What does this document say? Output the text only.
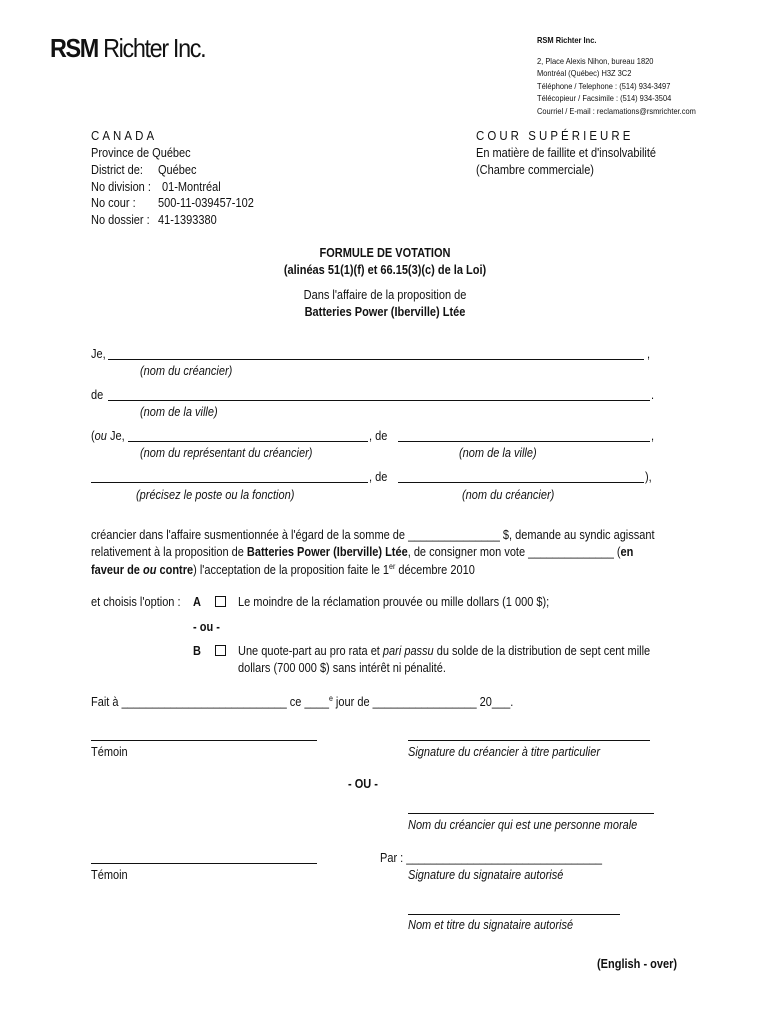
RSM Richter Inc.	RSM Richter Inc.
2, Place Alexis Nihon, bureau 1820
Montréal (Québec) H3Z 3C2
Téléphone / Telephone : (514) 934-3497
Télécopieur / Facsimile : (514) 934-3504
Courriel / E-mail : reclamations@rsmrichter.com
CANADA
Province de Québec
District de: Québec
No division : 01-Montréal
No cour : 500-11-039457-102
No dossier : 41-1393380
COUR SUPÉRIEURE
En matière de faillite et d'insolvabilité
(Chambre commerciale)
FORMULE DE VOTATION
(alinéas 51(1)(f) et 66.15(3)(c) de la Loi)
Dans l'affaire de la proposition de
Batteries Power (Iberville) Ltée
Je,	,
(nom du créancier)
de	.
(nom de la ville)
(ou Je,	, de	,
(nom du représentant du créancier)	(nom de la ville)
, de	),
(précisez le poste ou la fonction)	(nom du créancier)
créancier dans l'affaire susmentionnée à l'égard de la somme de _______________ $, demande au syndic agissant
relativement à la proposition de Batteries Power (Iberville) Ltée, de consigner mon vote ______________ (en
faveur de ou contre) l'acceptation de la proposition faite le 1er décembre 2010
et choisis l'option : A	Le moindre de la réclamation prouvée ou mille dollars (1 000 $);
- ou -
B	Une quote-part au pro rata et pari passu du solde de la distribution de sept cent mille
dollars (700 000 $) sans intérêt ni pénalité.
Fait à ___________________________ ce ____$^e$ jour de _________________ 20___.
Témoin	Signature du créancier à titre particulier
- OU -
Nom du créancier qui est une personne morale
Par : ________________________________
Témoin	Signature du signataire autorisé
Nom et titre du signataire autorisé
(English - over)
